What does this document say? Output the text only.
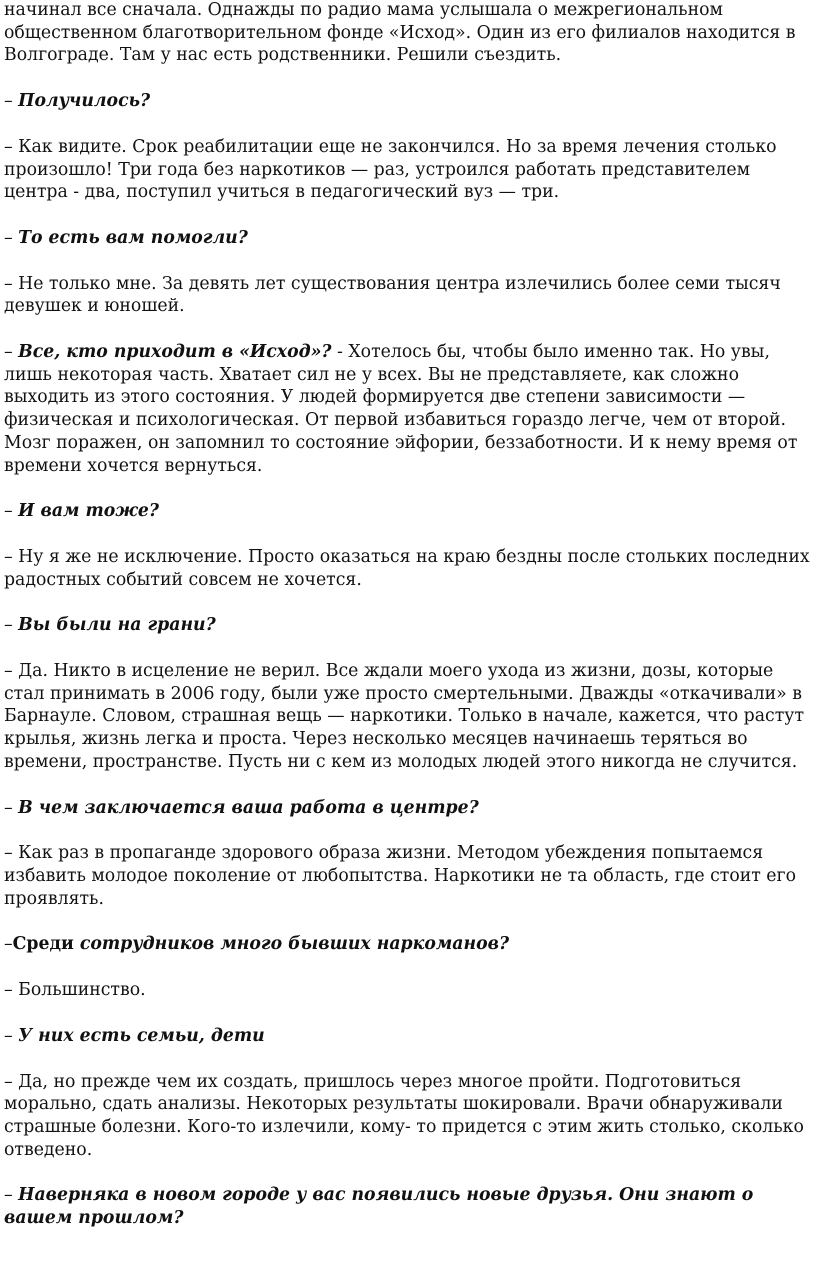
начинал все сначала. Однажды по радио мама услышала о межрегиональном общественном благотворительном фонде «Исход». Один из его филиалов находится в Волгограде. Там у нас есть родственники. Решили съездить.

– Получилось?

– Как видите. Срок реабилитации еще не закончился. Но за время лечения столько произошло! Три года без наркотиков — раз, устроился работать представителем центра - два, поступил учиться в педагогический вуз — три.

– То есть вам помогли?

– Не только мне. За девять лет существования центра излечились более семи тысяч девушек и юношей.

– Все, кто приходит в «Исход»? - Хотелось бы, чтобы было именно так. Но увы, лишь некоторая часть. Хватает сил не у всех. Вы не представляете, как сложно выходить из этого состояния. У людей формируется две степени зависимости — физическая и психологическая. От первой избавиться гораздо легче, чем от второй. Мозг поражен, он запомнил то состояние эйфории, беззаботности. И к нему время от времени хочется вернуться.

– И вам тоже?

– Ну я же не исключение. Просто оказаться на краю бездны после стольких последних радостных событий совсем не хочется.

– Вы были на грани?

– Да. Никто в исцеление не верил. Все ждали моего ухода из жизни, дозы, которые стал принимать в 2006 году, были уже просто смертельными. Дважды «откачивали» в Барнауле. Словом, страшная вещь — наркотики. Только в начале, кажется, что растут крылья, жизнь легка и проста. Через несколько месяцев начинаешь теряться во времени, пространстве. Пусть ни с кем из молодых людей этого никогда не случится.

– В чем заключается ваша работа в центре?

– Как раз в пропаганде здорового образа жизни. Методом убеждения попытаемся избавить молодое поколение от любопытства. Наркотики не та область, где стоит его проявлять.

–Среди сотрудников много бывших наркоманов?

– Большинство.

– У них есть семьи, дети

– Да, но прежде чем их создать, пришлось через многое пройти. Подготовиться морально, сдать анализы. Некоторых результаты шокировали. Врачи обнаруживали страшные болезни. Кого-то излечили, кому- то придется с этим жить столько, сколько отведено.

– Наверняка в новом городе у вас появились новые друзья. Они знают о вашем прошлом?
